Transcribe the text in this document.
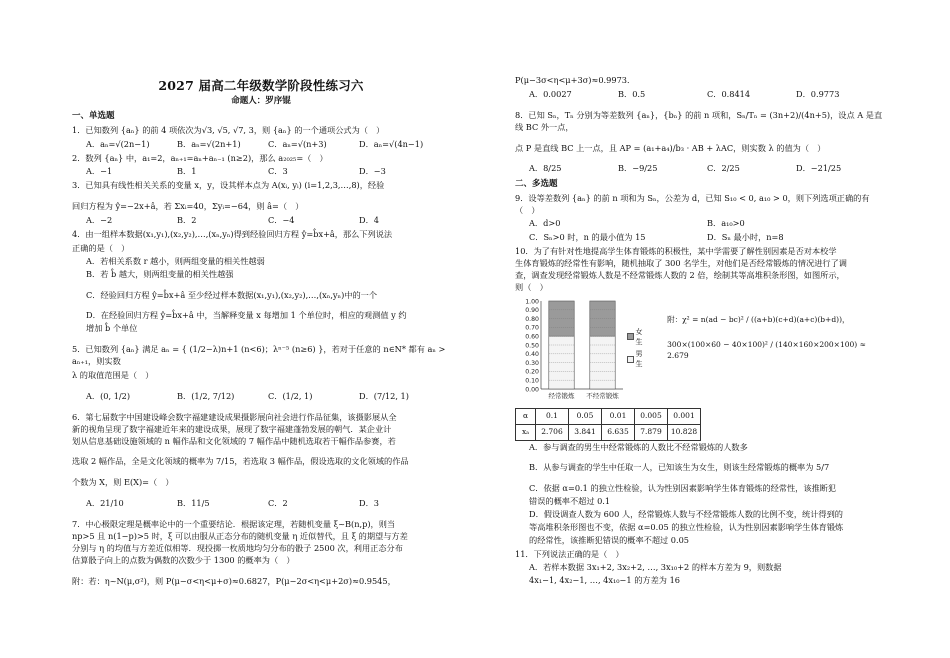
2027 届高二年级数学阶段性练习六
命题人：罗序锟
一、单选题
1．已知数列 {aₙ} 的前 4 项依次为√3, √5, √7, 3，则 {aₙ} 的一个通项公式为（　）
A．aₙ=√(2n−1)	B．aₙ=√(2n+1)	C．aₙ=√(n+3)	D．aₙ=√(4n−1)
2．数列 {aₙ} 中，a₁=2，aₙ₊₁=aₙ+aₙ₋₁ (n≥2)，那么 a₂₀₂₅=（　）
A．−1	B．1	C．3	D．−3
3．已知具有线性相关关系的变量 x，y，设其样本点为 A(xᵢ, yᵢ) (i=1,2,3,…,8)，经验
回归方程为 ŷ=−2x+â，若 Σxᵢ=40，Σyᵢ=−64，则 â=（　）
A．−2	B．2	C．−4	D．4
4．由一组样本数据(x₁,y₁),(x₂,y₂),…,(xₙ,yₙ)得到经验回归方程 ŷ=b̂x+â，那么下列说法
正确的是（　）
A．若相关系数 r 越小，则两组变量的相关性越弱
B．若 b̂ 越大，则两组变量的相关性越强
C．经验回归方程 ŷ=b̂x+â 至少经过样本数据(x₁,y₁),(x₂,y₂),…,(xₙ,yₙ)中的一个
D．在经验回归方程 ŷ=b̂x+â 中，当解释变量 x 每增加 1 个单位时，相应的观测值 y 约
增加 b̂ 个单位
5．已知数列 {aₙ} 满足 aₙ = { (1/2−λ)n+1 (n<6)；λⁿ⁻⁵ (n≥6) }，若对于任意的 n∈N* 都有 aₙ > aₙ₊₁，则实数
λ 的取值范围是（　）
A．(0, 1/2)	B．(1/2, 7/12)	C．(1/2, 1)	D．(7/12, 1)
6．第七届数字中国建设峰会数字福建建设成果摄影展向社会进行作品征集，该摄影展从全
新的视角呈现了数字福建近年来的建设成果，展现了数字福建蓬勃发展的朝气．某企业计
划从信息基础设施领域的 n 幅作品和文化领域的 7 幅作品中随机选取若干幅作品参赛，若
选取 2 幅作品，全是文化领域的概率为 7/15，若选取 3 幅作品，假设选取的文化领域的作品
个数为 X，则 E(X)=（　）
A．21/10	B．11/5	C．2	D．3
7．中心极限定理是概率论中的一个重要结论．根据该定理，若随机变量 ξ~B(n,p)，则当
np>5 且 n(1−p)>5 时，ξ 可以由服从正态分布的随机变量 η 近似替代，且 ξ 的期望与方差
分别与 η 的均值与方差近似相等．现投掷一枚质地均匀分布的骰子 2500 次，利用正态分布
估算骰子向上的点数为偶数的次数少于 1300 的概率为（　）
附：若：η~N(μ,σ²)，则 P(μ−σ<η<μ+σ)≈0.6827，P(μ−2σ<η<μ+2σ)≈0.9545，
P(μ−3σ<η<μ+3σ)≈0.9973．
A．0.0027	B．0.5	C．0.8414	D．0.9773
8．已知 Sₙ，Tₙ 分别为等差数列 {aₙ}，{bₙ} 的前 n 项和，Sₙ/Tₙ = (3n+2)/(4n+5)，设点 A 是直线 BC 外一点，
点 P 是直线 BC 上一点，且 AP = (a₁+a₄)/b₃ · AB + λAC，则实数 λ 的值为（　）
A．8/25	B．−9/25	C．2/25	D．−21/25
二、多选题
9．设等差数列 {aₙ} 的前 n 项和为 Sₙ，公差为 d，已知 S₁₀ < 0, a₁₀ > 0，则下列选项正确的有
（　）
A．d>0	B．a₁₀>0
C．Sₙ>0 时，n 的最小值为 15	D．Sₙ 最小时，n=8
10．为了有针对性地提高学生体育锻炼的积极性，某中学需要了解性别因素是否对本校学
生体育锻炼的经常性有影响，随机抽取了 300 名学生，对他们是否经常锻炼的情况进行了调
查，调查发现经常锻炼人数是不经常锻炼人数的 2 倍，绘制其等高堆积条形图，如图所示，
则（　）
0.00
0.10
0.20
0.30
0.40
0.50
0.60
0.70
0.80
0.90
1.00
经常锻炼 不经常锻炼
女生
男生
附：χ² = n(ad − bc)² / ((a+b)(c+d)(a+c)(b+d))，
300×(100×60 − 40×100)² / (140×160×200×100) ≈ 2.679
α	0.1	0.05	0.01	0.005	0.001
xₐ	2.706	3.841	6.635	7.879	10.828
A．参与调查的男生中经常锻炼的人数比不经常锻炼的人数多
B．从参与调查的学生中任取一人，已知该生为女生，则该生经常锻炼的概率为 5/7
C．依据 α=0.1 的独立性检验，认为性别因素影响学生体育锻炼的经常性，该推断犯
错误的概率不超过 0.1
D．假设调查人数为 600 人，经常锻炼人数与不经常锻炼人数的比例不变，统计得到的
等高堆积条形图也不变，依据 α=0.05 的独立性检验，认为性别因素影响学生体育锻炼
的经常性，该推断犯错误的概率不超过 0.05
11．下列说法正确的是（　）
A．若样本数据 3x₁+2, 3x₂+2, …, 3x₁₀+2 的样本方差为 9，则数据
4x₁−1, 4x₂−1, …, 4x₁₀−1 的方差为 16
